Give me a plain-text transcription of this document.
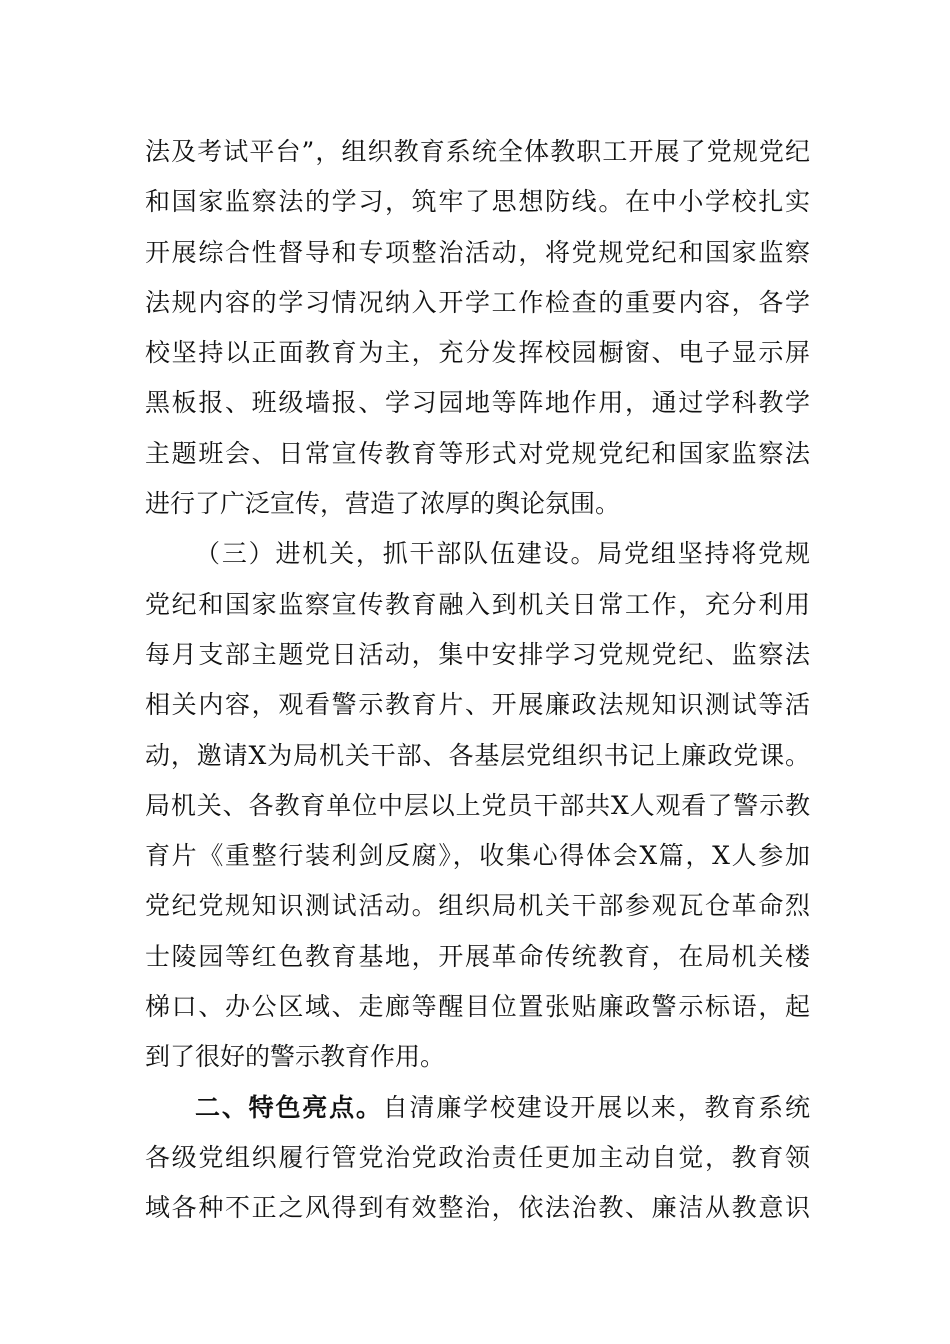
法及考试平台”，组织教育系统全体教职工开展了党规党纪
和国家监察法的学习，筑牢了思想防线。在中小学校扎实
开展综合性督导和专项整治活动，将党规党纪和国家监察
法规内容的学习情况纳入开学工作检查的重要内容，各学
校坚持以正面教育为主，充分发挥校园橱窗、电子显示屏
黑板报、班级墙报、学习园地等阵地作用，通过学科教学
主题班会、日常宣传教育等形式对党规党纪和国家监察法
进行了广泛宣传，营造了浓厚的舆论氛围。
（三）进机关，抓干部队伍建设。局党组坚持将党规
党纪和国家监察宣传教育融入到机关日常工作，充分利用
每月支部主题党日活动，集中安排学习党规党纪、监察法
相关内容，观看警示教育片、开展廉政法规知识测试等活
动，邀请X为局机关干部、各基层党组织书记上廉政党课。
局机关、各教育单位中层以上党员干部共X人观看了警示教
育片《重整行装利剑反腐》，收集心得体会X篇，X人参加
党纪党规知识测试活动。组织局机关干部参观瓦仓革命烈
士陵园等红色教育基地，开展革命传统教育，在局机关楼
梯口、办公区域、走廊等醒目位置张贴廉政警示标语，起
到了很好的警示教育作用。
二、特色亮点。自清廉学校建设开展以来，教育系统
各级党组织履行管党治党政治责任更加主动自觉，教育领
域各种不正之风得到有效整治，依法治教、廉洁从教意识
